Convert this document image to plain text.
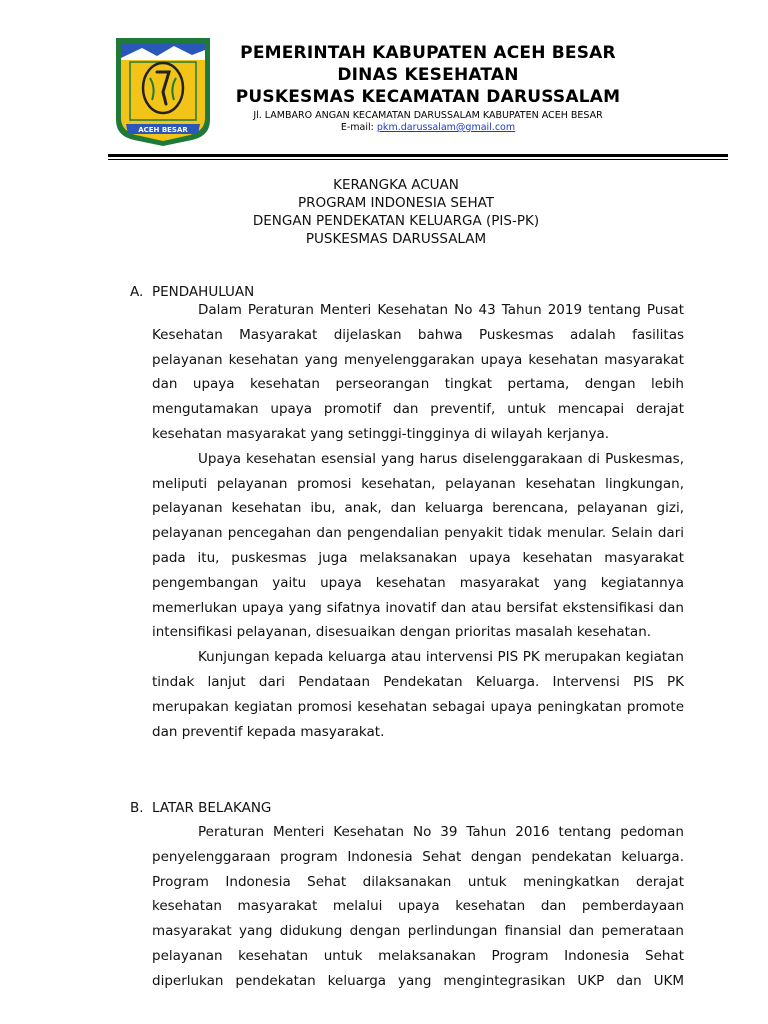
ACEH BESAR
PEMERINTAH KABUPATEN ACEH BESAR
DINAS KESEHATAN
PUSKESMAS KECAMATAN DARUSSALAM
Jl. LAMBARO ANGAN KECAMATAN DARUSSALAM KABUPATEN ACEH BESAR
E-mail: pkm.darussalam@gmail.com
KERANGKA ACUAN
PROGRAM INDONESIA SEHAT
DENGAN PENDEKATAN KELUARGA (PIS-PK)
PUSKESMAS DARUSSALAM
A. PENDAHULUAN

Dalam Peraturan Menteri Kesehatan No 43 Tahun 2019 tentang Pusat Kesehatan Masyarakat dijelaskan bahwa Puskesmas adalah fasilitas pelayanan kesehatan yang menyelenggarakan upaya kesehatan masyarakat dan upaya kesehatan perseorangan tingkat pertama, dengan lebih mengutamakan upaya promotif dan preventif, untuk mencapai derajat kesehatan masyarakat yang setinggi-tingginya di wilayah kerjanya.

Upaya kesehatan esensial yang harus diselenggarakaan di Puskesmas, meliputi pelayanan promosi kesehatan, pelayanan kesehatan lingkungan, pelayanan kesehatan ibu, anak, dan keluarga berencana, pelayanan gizi, pelayanan pencegahan dan pengendalian penyakit tidak menular. Selain dari pada itu, puskesmas juga melaksanakan upaya kesehatan masyarakat pengembangan yaitu upaya kesehatan masyarakat yang kegiatannya memerlukan upaya yang sifatnya inovatif dan atau bersifat ekstensifikasi dan intensifikasi pelayanan, disesuaikan dengan prioritas masalah kesehatan.

Kunjungan kepada keluarga atau intervensi PIS PK merupakan kegiatan tindak lanjut dari Pendataan Pendekatan Keluarga. Intervensi PIS PK merupakan kegiatan promosi kesehatan sebagai upaya peningkatan promote dan preventif kepada masyarakat.

B. LATAR BELAKANG

Peraturan Menteri Kesehatan No 39 Tahun 2016 tentang pedoman penyelenggaraan program Indonesia Sehat dengan pendekatan keluarga. Program Indonesia Sehat dilaksanakan untuk meningkatkan derajat kesehatan masyarakat melalui upaya kesehatan dan pemberdayaan masyarakat yang didukung dengan perlindungan finansial dan pemerataan pelayanan kesehatan untuk melaksanakan Program Indonesia Sehat diperlukan pendekatan keluarga yang mengintegrasikan UKP dan UKM
